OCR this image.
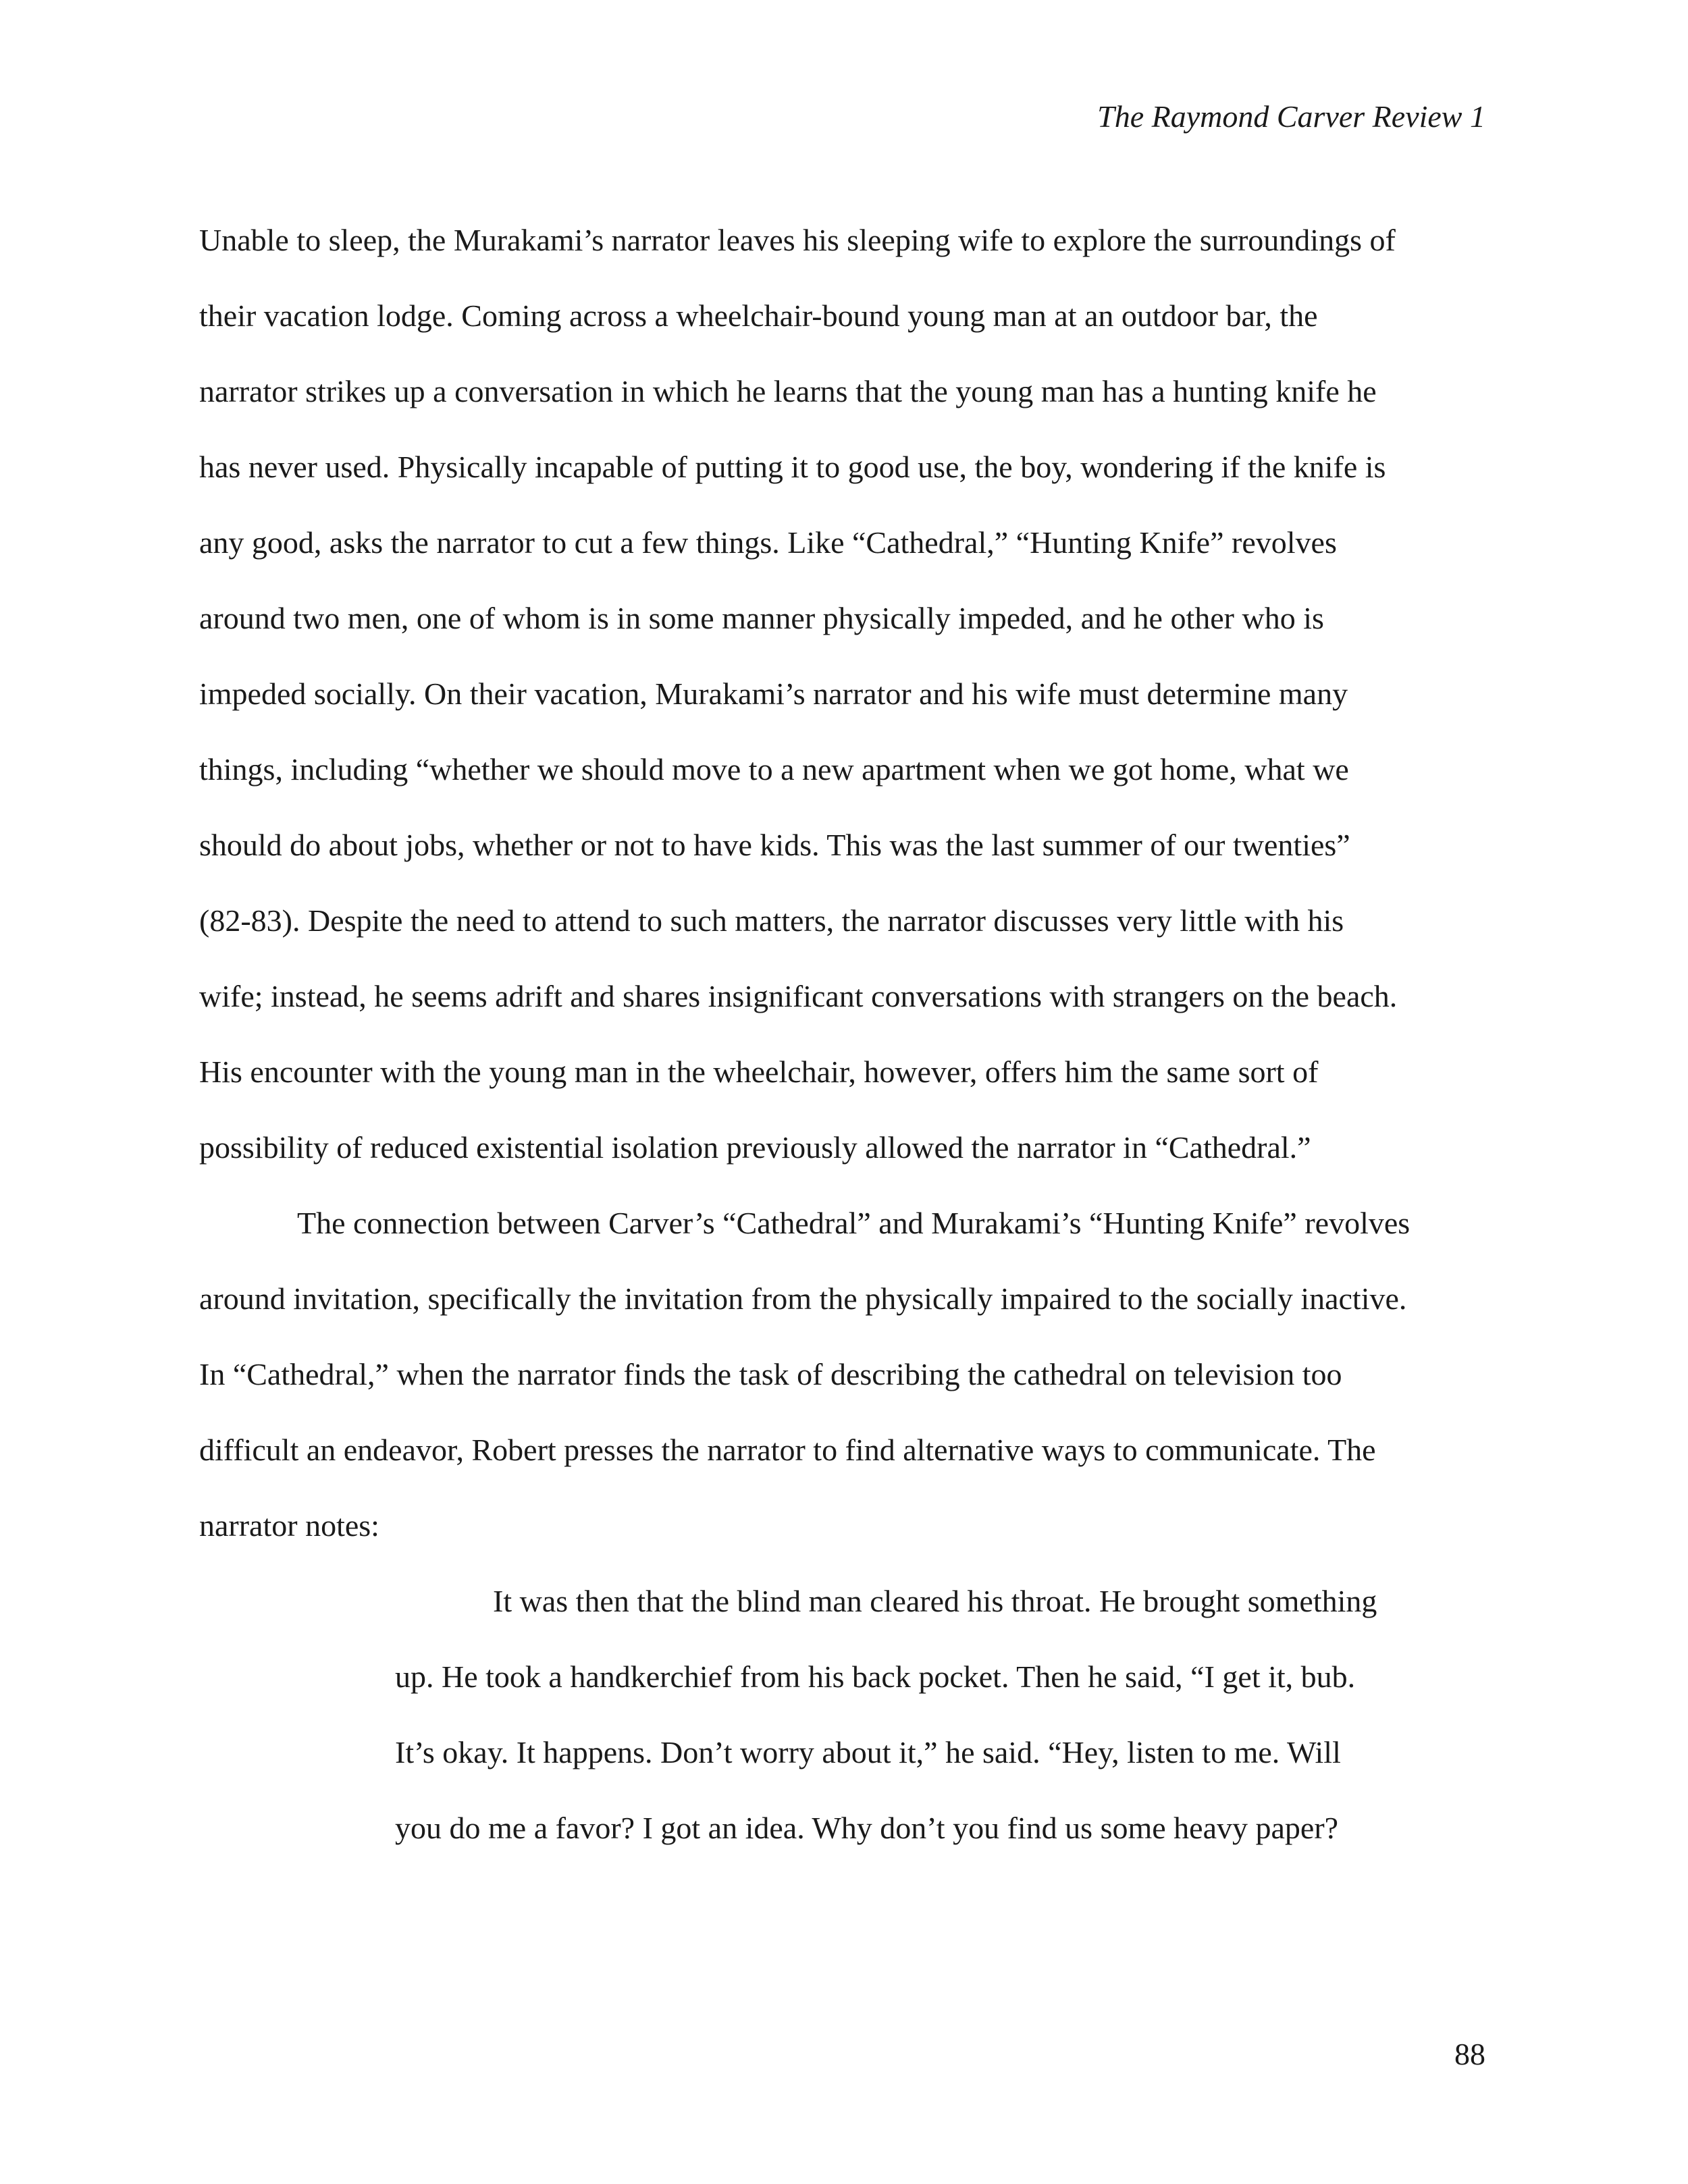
The Raymond Carver Review 1
Unable to sleep, the Murakami’s narrator leaves his sleeping wife to explore the surroundings of
their vacation lodge. Coming across a wheelchair-bound young man at an outdoor bar, the
narrator strikes up a conversation in which he learns that the young man has a hunting knife he
has never used. Physically incapable of putting it to good use, the boy, wondering if the knife is
any good, asks the narrator to cut a few things. Like “Cathedral,” “Hunting Knife” revolves
around two men, one of whom is in some manner physically impeded, and he other who is
impeded socially. On their vacation, Murakami’s narrator and his wife must determine many
things, including “whether we should move to a new apartment when we got home, what we
should do about jobs, whether or not to have kids. This was the last summer of our twenties”
(82-83). Despite the need to attend to such matters, the narrator discusses very little with his
wife; instead, he seems adrift and shares insignificant conversations with strangers on the beach.
His encounter with the young man in the wheelchair, however, offers him the same sort of
possibility of reduced existential isolation previously allowed the narrator in “Cathedral.”
The connection between Carver’s “Cathedral” and Murakami’s “Hunting Knife” revolves
around invitation, specifically the invitation from the physically impaired to the socially inactive.
In “Cathedral,” when the narrator finds the task of describing the cathedral on television too
difficult an endeavor, Robert presses the narrator to find alternative ways to communicate. The
narrator notes:
It was then that the blind man cleared his throat. He brought something
up. He took a handkerchief from his back pocket. Then he said, “I get it, bub.
It’s okay. It happens. Don’t worry about it,” he said. “Hey, listen to me. Will
you do me a favor? I got an idea. Why don’t you find us some heavy paper?
88
